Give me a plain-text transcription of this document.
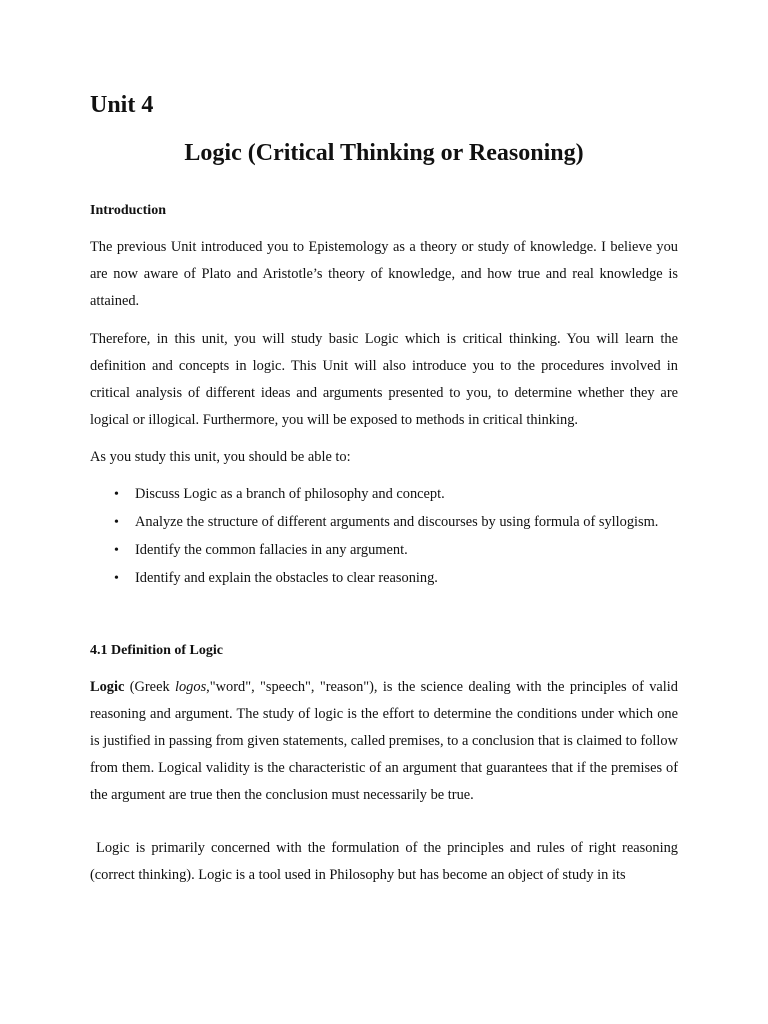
Unit 4
Logic (Critical Thinking or Reasoning)
Introduction

The previous Unit introduced you to Epistemology as a theory or study of knowledge. I believe you are now aware of Plato and Aristotle’s theory of knowledge, and how true and real knowledge is attained.

Therefore, in this unit, you will study basic Logic which is critical thinking. You will learn the definition and concepts in logic. This Unit will also introduce you to the procedures involved in critical analysis of different ideas and arguments presented to you, to determine whether they are logical or illogical. Furthermore, you will be exposed to methods in critical thinking.

As you study this unit, you should be able to:

• Discuss Logic as a branch of philosophy and concept.
• Analyze the structure of different arguments and discourses by using formula of syllogism.
• Identify the common fallacies in any argument.
• Identify and explain the obstacles to clear reasoning.
4.1 Definition of Logic

Logic (Greek logos,"word", "speech", "reason"), is the science dealing with the principles of valid reasoning and argument. The study of logic is the effort to determine the conditions under which one is justified in passing from given statements, called premises, to a conclusion that is claimed to follow from them. Logical validity is the characteristic of an argument that guarantees that if the premises of the argument are true then the conclusion must necessarily be true.

Logic is primarily concerned with the formulation of the principles and rules of right reasoning (correct thinking). Logic is a tool used in Philosophy but has become an object of study in its
